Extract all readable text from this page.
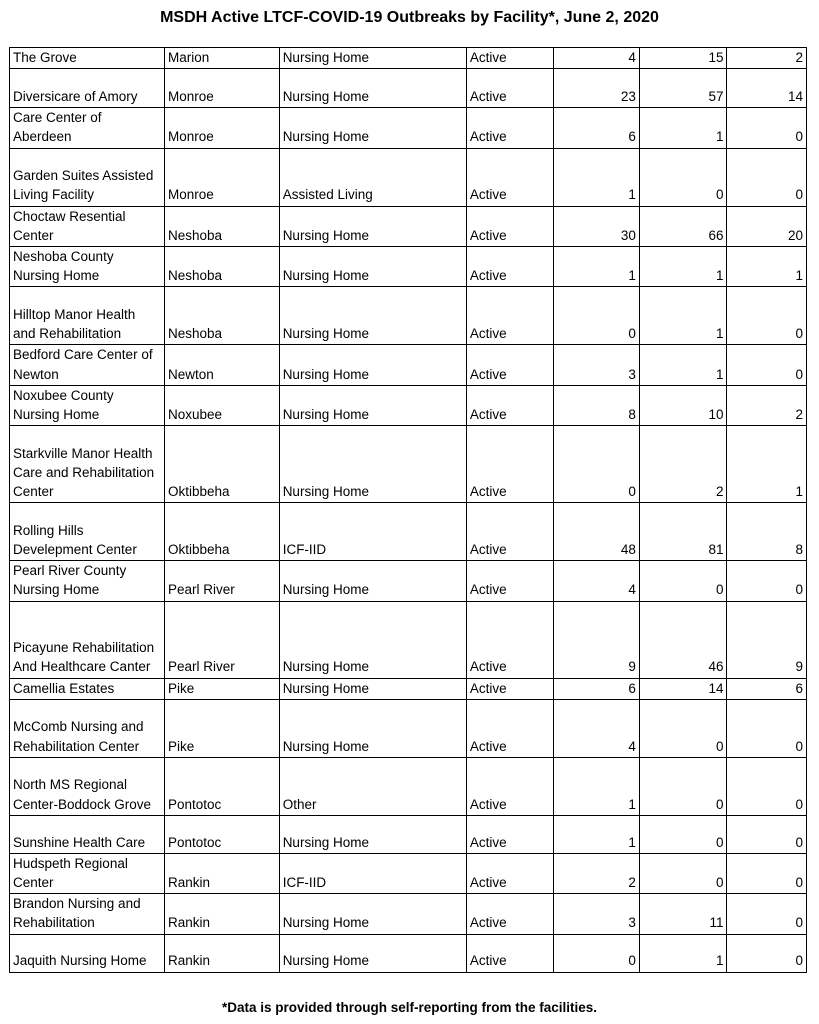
MSDH Active LTCF-COVID-19 Outbreaks by Facility*, June 2, 2020
The Grove	Marion	Nursing Home	Active	4	15	2
Diversicare of Amory	Monroe	Nursing Home	Active	23	57	14
Care Center of Aberdeen	Monroe	Nursing Home	Active	6	1	0
Garden Suites Assisted Living Facility	Monroe	Assisted Living	Active	1	0	0
Choctaw Resential Center	Neshoba	Nursing Home	Active	30	66	20
Neshoba County Nursing Home	Neshoba	Nursing Home	Active	1	1	1
Hilltop Manor Health and Rehabilitation	Neshoba	Nursing Home	Active	0	1	0
Bedford Care Center of Newton	Newton	Nursing Home	Active	3	1	0
Noxubee County Nursing Home	Noxubee	Nursing Home	Active	8	10	2
Starkville Manor Health Care and Rehabilitation Center	Oktibbeha	Nursing Home	Active	0	2	1
Rolling Hills Develepment Center	Oktibbeha	ICF-IID	Active	48	81	8
Pearl River County Nursing Home	Pearl River	Nursing Home	Active	4	0	0
Picayune Rehabilitation And Healthcare Canter	Pearl River	Nursing Home	Active	9	46	9
Camellia Estates	Pike	Nursing Home	Active	6	14	6
McComb Nursing and Rehabilitation Center	Pike	Nursing Home	Active	4	0	0
North MS Regional Center-Boddock Grove	Pontotoc	Other	Active	1	0	0
Sunshine Health Care	Pontotoc	Nursing Home	Active	1	0	0
Hudspeth Regional Center	Rankin	ICF-IID	Active	2	0	0
Brandon Nursing and Rehabilitation	Rankin	Nursing Home	Active	3	11	0
Jaquith Nursing Home	Rankin	Nursing Home	Active	0	1	0
*Data is provided through self-reporting from the facilities.
